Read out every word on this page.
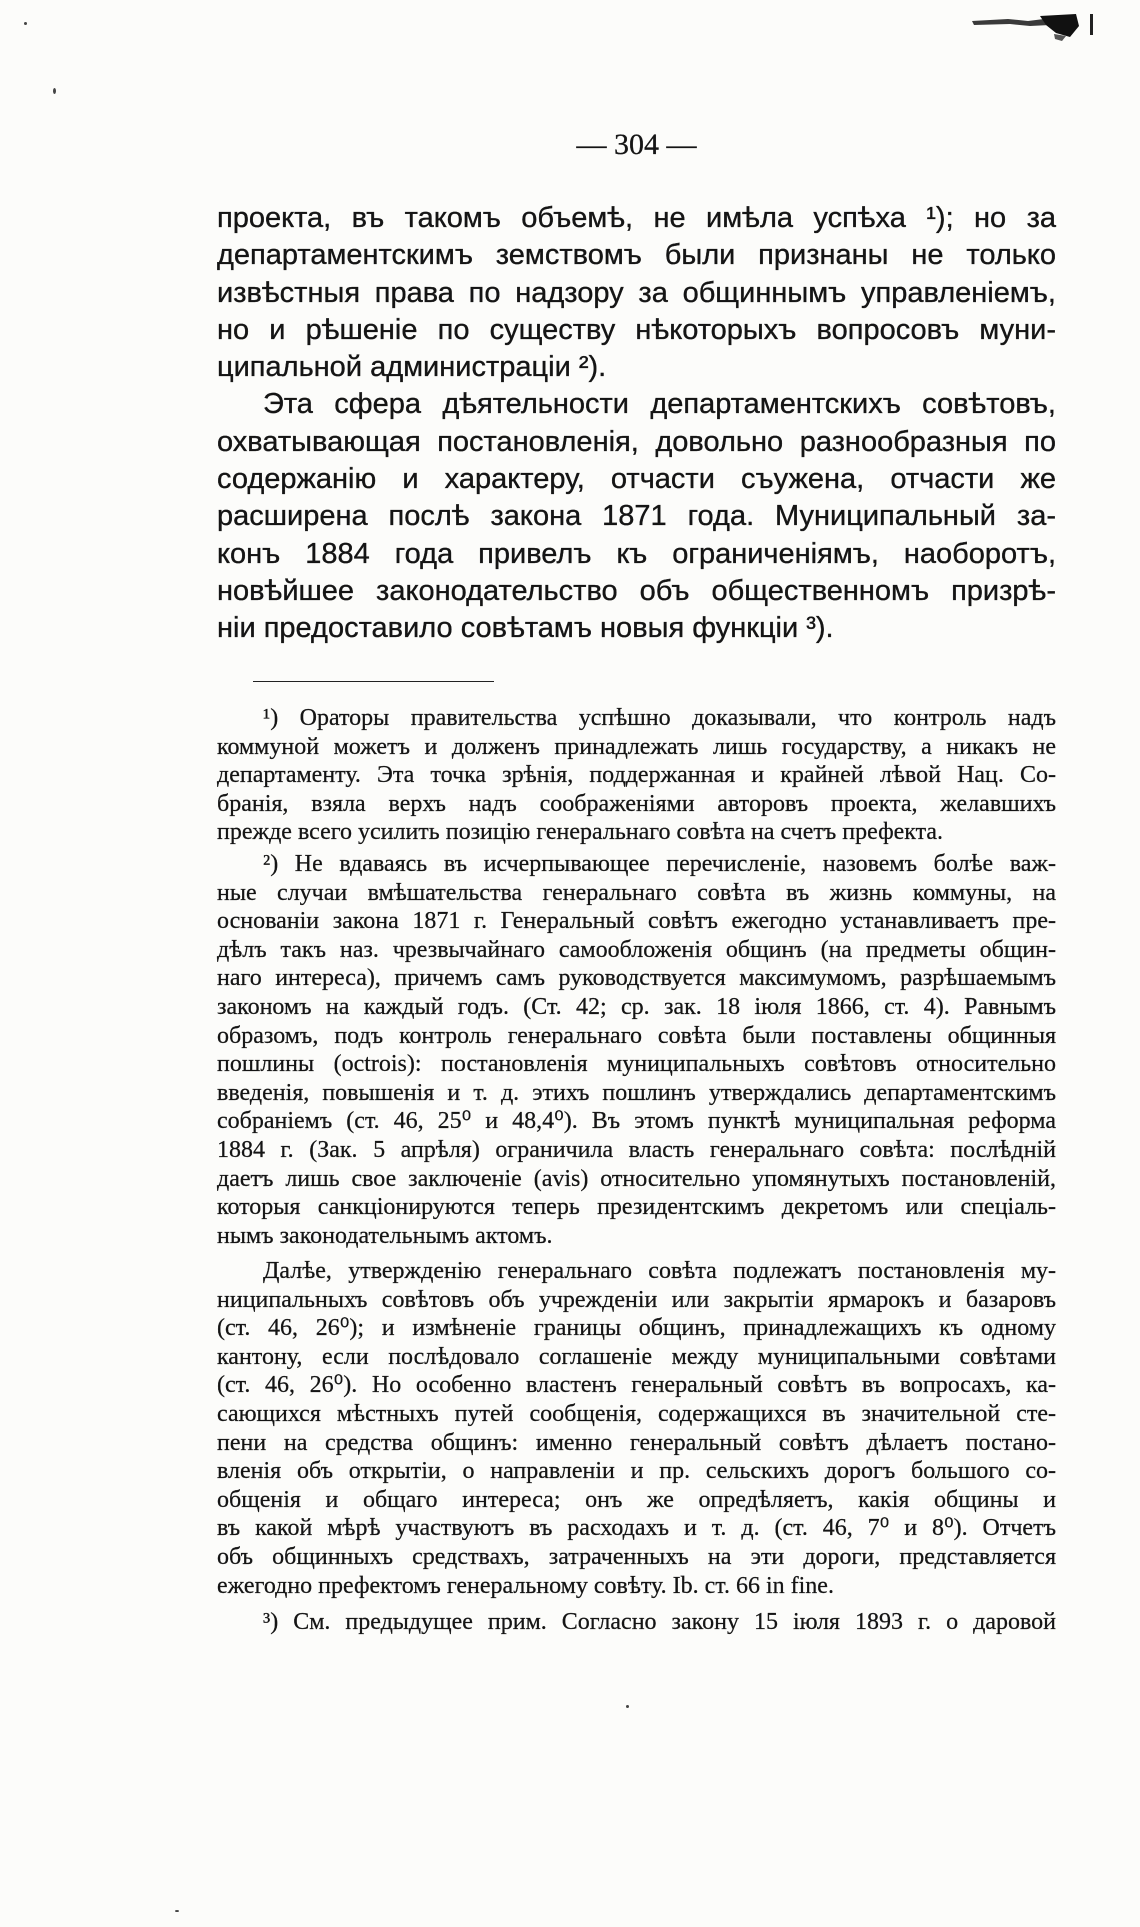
— 304 —
проекта, въ такомъ объемѣ, не имѣла успѣха ¹); но за
департаментскимъ земствомъ были признаны не только
извѣстныя права по надзору за общиннымъ управленіемъ,
но и рѣшеніе по существу нѣкоторыхъ вопросовъ муни-
ципальной администраціи ²).
Эта сфера дѣятельности департаментскихъ совѣтовъ,
охватывающая постановленія, довольно разнообразныя по
содержанію и характеру, отчасти съужена, отчасти же
расширена послѣ закона 1871 года. Муниципальный за-
конъ 1884 года привелъ къ ограниченіямъ, наоборотъ,
новѣйшее законодательство объ общественномъ призрѣ-
ніи предоставило совѣтамъ новыя функціи ³).
¹) Ораторы правительства успѣшно доказывали, что контроль надъ
коммуной можетъ и долженъ принадлежать лишь государству, а никакъ не
департаменту. Эта точка зрѣнія, поддержанная и крайней лѣвой Нац. Со-
бранія, взяла верхъ надъ соображеніями авторовъ проекта, желавшихъ
прежде всего усилить позицію генеральнаго совѣта на счетъ префекта.
²) Не вдаваясь въ исчерпывающее перечисленіе, назовемъ болѣе важ-
ные случаи вмѣшательства генеральнаго совѣта въ жизнь коммуны, на
основаніи закона 1871 г. Генеральный совѣтъ ежегодно устанавливаетъ пре-
дѣлъ такъ наз. чрезвычайнаго самообложенія общинъ (на предметы общин-
наго интереса), причемъ самъ руководствуется максимумомъ, разрѣшаемымъ
закономъ на каждый годъ. (Ст. 42; ср. зак. 18 іюля 1866, ст. 4). Равнымъ
образомъ, подъ контроль генеральнаго совѣта были поставлены общинныя
пошлины (octrois): постановленія муниципальныхъ совѣтовъ относительно
введенія, повышенія и т. д. этихъ пошлинъ утверждались департаментскимъ
собраніемъ (ст. 46, 25⁰ и 48,4⁰). Въ этомъ пунктѣ муниципальная реформа
1884 г. (Зак. 5 апрѣля) ограничила власть генеральнаго совѣта: послѣдній
даетъ лишь свое заключеніе (avis) относительно упомянутыхъ постановленій,
которыя санкціонируются теперь президентскимъ декретомъ или спеціаль-
нымъ законодательнымъ актомъ.
Далѣе, утвержденію генеральнаго совѣта подлежатъ постановленія му-
ниципальныхъ совѣтовъ объ учрежденіи или закрытіи ярмарокъ и базаровъ
(ст. 46, 26⁰); и измѣненіе границы общинъ, принадлежащихъ къ одному
кантону, если послѣдовало соглашеніе между муниципальными совѣтами
(ст. 46, 26⁰). Но особенно властенъ генеральный совѣтъ въ вопросахъ, ка-
сающихся мѣстныхъ путей сообщенія, содержащихся въ значительной сте-
пени на средства общинъ: именно генеральный совѣтъ дѣлаетъ постано-
вленія объ открытіи, о направленіи и пр. сельскихъ дорогъ большого со-
общенія и общаго интереса; онъ же опредѣляетъ, какія общины и
въ какой мѣрѣ участвуютъ въ расходахъ и т. д. (ст. 46, 7⁰ и 8⁰). Отчетъ
объ общинныхъ средствахъ, затраченныхъ на эти дороги, представляется
ежегодно префектомъ генеральному совѣту. Ib. ст. 66 in fine.
³) См. предыдущее прим. Согласно закону 15 іюля 1893 г. о даровой
